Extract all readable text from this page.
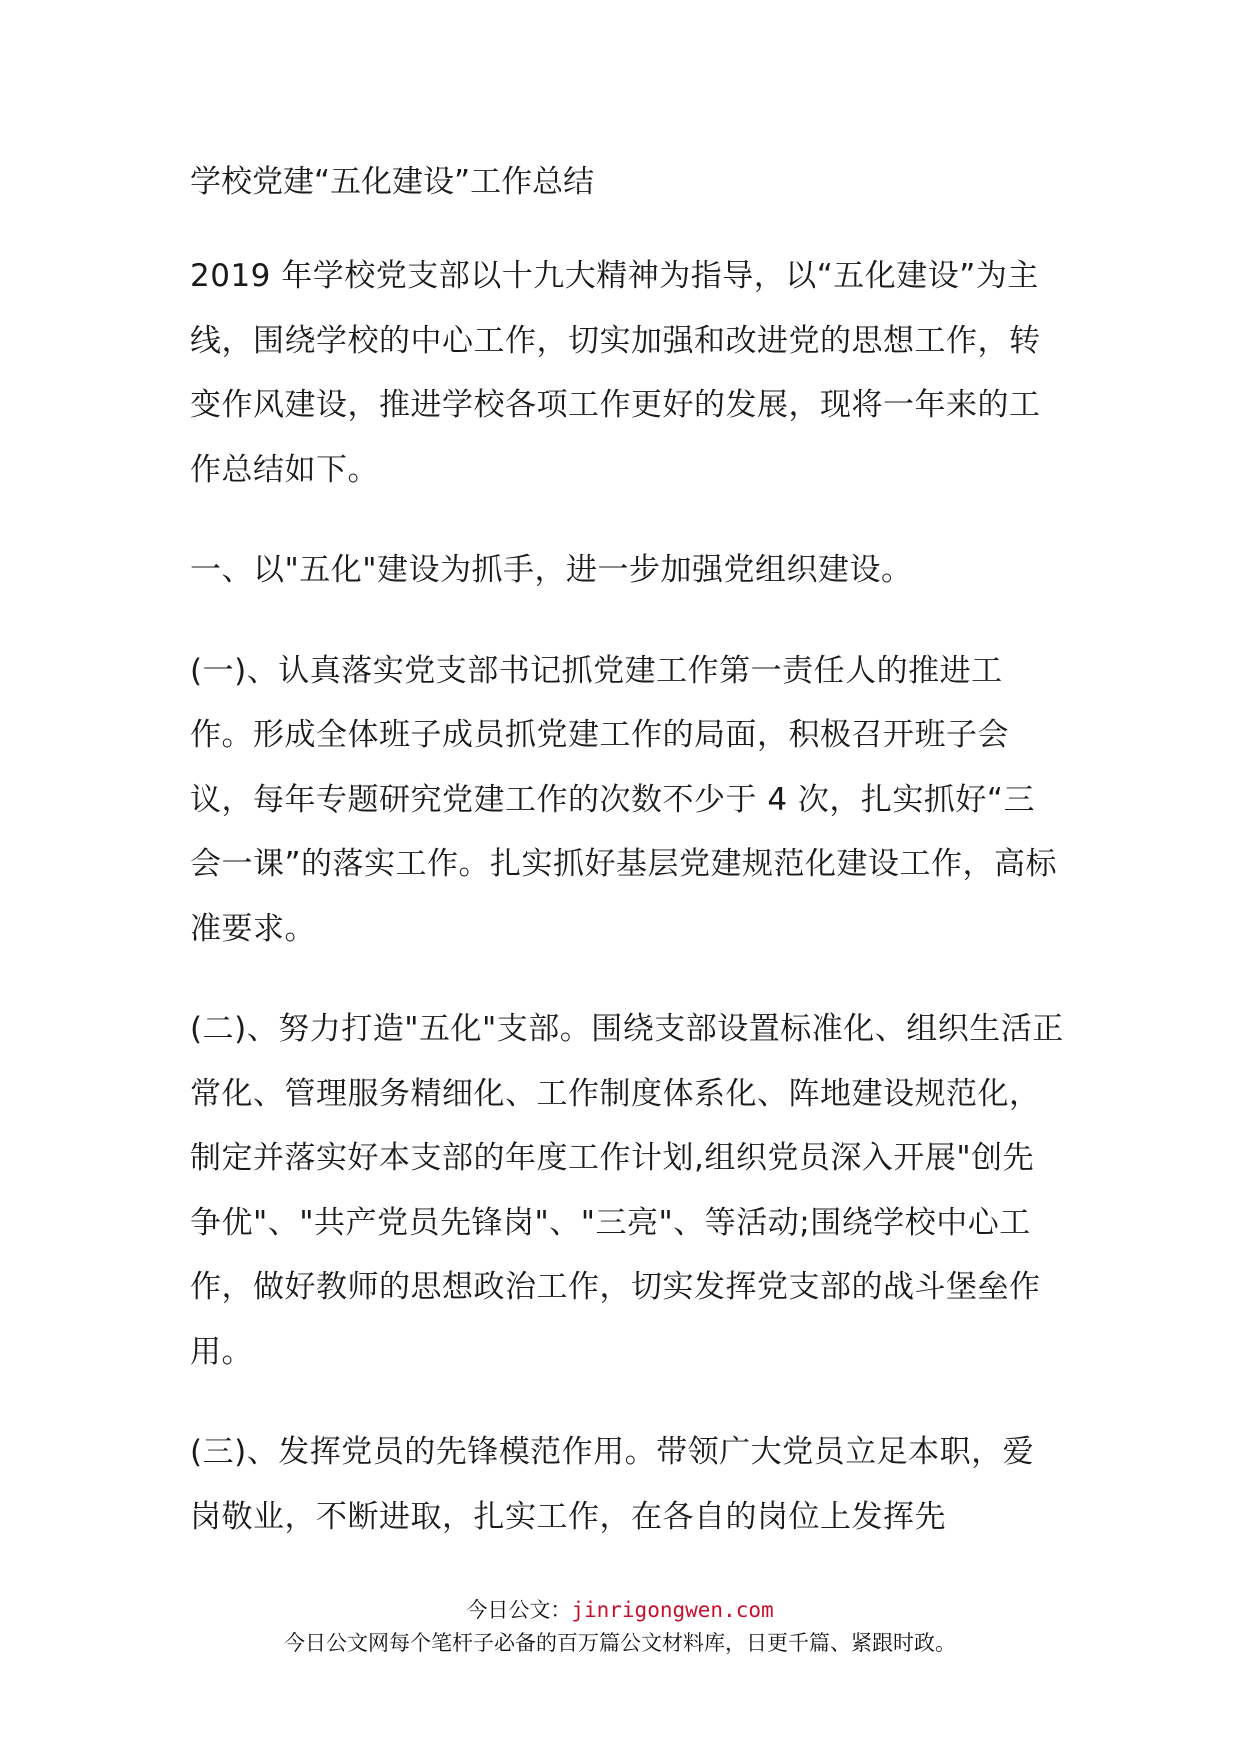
学校党建“五化建设”工作总结

2019 年学校党支部以十九大精神为指导，以“五化建设”为主线，围绕学校的中心工作，切实加强和改进党的思想工作，转变作风建设，推进学校各项工作更好的发展，现将一年来的工作总结如下。

一、以"五化"建设为抓手，进一步加强党组织建设。

(一)、认真落实党支部书记抓党建工作第一责任人的推进工作。形成全体班子成员抓党建工作的局面，积极召开班子会议，每年专题研究党建工作的次数不少于 4 次，扎实抓好“三会一课”的落实工作。扎实抓好基层党建规范化建设工作，高标准要求。

(二)、努力打造"五化"支部。围绕支部设置标准化、组织生活正常化、管理服务精细化、工作制度体系化、阵地建设规范化，制定并落实好本支部的年度工作计划,组织党员深入开展"创先争优"、"共产党员先锋岗"、"三亮"、等活动;围绕学校中心工作，做好教师的思想政治工作，切实发挥党支部的战斗堡垒作用。

(三)、发挥党员的先锋模范作用。带领广大党员立足本职，爱岗敬业，不断进取，扎实工作，在各自的岗位上发挥先

今日公文：jinrigongwen.com
今日公文网每个笔杆子必备的百万篇公文材料库，日更千篇、紧跟时政。
